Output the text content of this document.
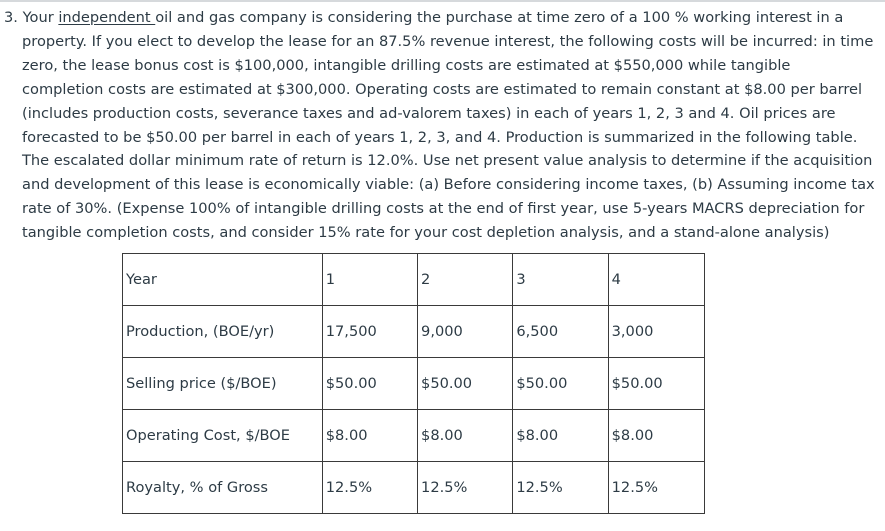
3. Your independent oil and gas company is considering the purchase at time zero of a 100 % working interest in a property. If you elect to develop the lease for an 87.5% revenue interest, the following costs will be incurred: in time zero, the lease bonus cost is $100,000, intangible drilling costs are estimated at $550,000 while tangible completion costs are estimated at $300,000. Operating costs are estimated to remain constant at $8.00 per barrel (includes production costs, severance taxes and ad-valorem taxes) in each of years 1, 2, 3 and 4. Oil prices are forecasted to be $50.00 per barrel in each of years 1, 2, 3, and 4. Production is summarized in the following table. The escalated dollar minimum rate of return is 12.0%. Use net present value analysis to determine if the acquisition and development of this lease is economically viable: (a) Before considering income taxes, (b) Assuming income tax rate of 30%. (Expense 100% of intangible drilling costs at the end of first year, use 5-years MACRS depreciation for tangible completion costs, and consider 15% rate for your cost depletion analysis, and a stand-alone analysis)

Year	1	2	3	4
Production, (BOE/yr)	17,500	9,000	6,500	3,000
Selling price ($/BOE)	$50.00	$50.00	$50.00	$50.00
Operating Cost, $/BOE	$8.00	$8.00	$8.00	$8.00
Royalty, % of Gross	12.5%	12.5%	12.5%	12.5%
